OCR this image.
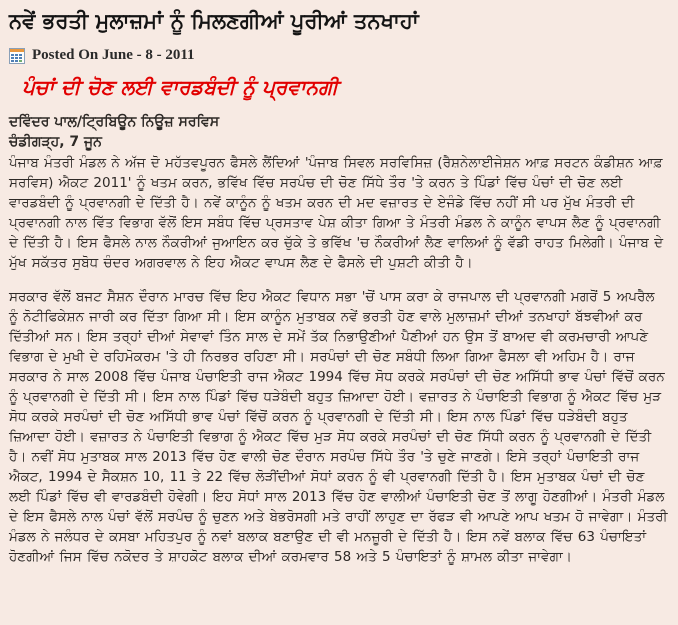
ਨਵੇਂ ਭਰਤੀ ਮੁਲਾਜ਼ਮਾਂ ਨੂੰ ਮਿਲਣਗੀਆਂ ਪੂਰੀਆਂ ਤਨਖਾਹਾਂ
Posted On June - 8 - 2011
ਪੰਚਾਂ ਦੀ ਚੋਣ ਲਈ ਵਾਰਡਬੰਦੀ ਨੂੰ ਪ੍ਰਵਾਨਗੀ
ਦਵਿੰਦਰ ਪਾਲ/ਟ੍ਰਿਬਿਊਨ ਨਿਊਜ਼ ਸਰਵਿਸ
ਚੰਡੀਗੜ੍ਹ, 7 ਜੂਨ

ਪੰਜਾਬ ਮੰਤਰੀ ਮੰਡਲ ਨੇ ਅੱਜ ਦੋ ਮਹੱਤਵਪੂਰਨ ਫੈਸਲੇ ਲੈਂਦਿਆਂ 'ਪੰਜਾਬ ਸਿਵਲ ਸਰਵਿਸਿਜ਼ (ਰੈਸ਼ਨੇਲਾਈਜੇਸ਼ਨ ਆਫ਼ ਸਰਟਨ ਕੰਡੀਸ਼ਨ ਆਫ਼ ਸਰਵਿਸ) ਐਕਟ 2011' ਨੂੰ ਖਤਮ ਕਰਨ, ਭਵਿੱਖ ਵਿੱਚ ਸਰਪੰਚ ਦੀ ਚੋਣ ਸਿੱਧੇ ਤੌਰ 'ਤੇ ਕਰਨ ਤੇ ਪਿੰਡਾਂ ਵਿੱਚ ਪੰਚਾਂ ਦੀ ਚੋਣ ਲਈ ਵਾਰਡਬੰਦੀ ਨੂੰ ਪ੍ਰਵਾਨਗੀ ਦੇ ਦਿੱਤੀ ਹੈ। ਨਵੇਂ ਕਾਨੂੰਨ ਨੂੰ ਖਤਮ ਕਰਨ ਦੀ ਮਦ ਵਜ਼ਾਰਤ ਦੇ ਏਜੰਡੇ ਵਿੱਚ ਨਹੀਂ ਸੀ ਪਰ ਮੁੱਖ ਮੰਤਰੀ ਦੀ ਪ੍ਰਵਾਨਗੀ ਨਾਲ ਵਿੱਤ ਵਿਭਾਗ ਵੱਲੋਂ ਇਸ ਸਬੰਧ ਵਿੱਚ ਪ੍ਰਸਤਾਵ ਪੇਸ਼ ਕੀਤਾ ਗਿਆ ਤੇ ਮੰਤਰੀ ਮੰਡਲ ਨੇ ਕਾਨੂੰਨ ਵਾਪਸ ਲੈਣ ਨੂੰ ਪ੍ਰਵਾਨਗੀ ਦੇ ਦਿੱਤੀ ਹੈ। ਇਸ ਫੈਸਲੇ ਨਾਲ ਨੌਕਰੀਆਂ ਜੁਆਇਨ ਕਰ ਚੁੱਕੇ ਤੇ ਭਵਿੱਖ 'ਚ ਨੌਕਰੀਆਂ ਲੈਣ ਵਾਲਿਆਂ ਨੂੰ ਵੱਡੀ ਰਾਹਤ ਮਿਲੇਗੀ। ਪੰਜਾਬ ਦੇ ਮੁੱਖ ਸਕੱਤਰ ਸੁਬੋਧ ਚੰਦਰ ਅਗਰਵਾਲ ਨੇ ਇਹ ਐਕਟ ਵਾਪਸ ਲੈਣ ਦੇ ਫੈਸਲੇ ਦੀ ਪੁਸ਼ਟੀ ਕੀਤੀ ਹੈ।

ਸਰਕਾਰ ਵੱਲੋਂ ਬਜਟ ਸੈਸ਼ਨ ਦੌਰਾਨ ਮਾਰਚ ਵਿੱਚ ਇਹ ਐਕਟ ਵਿਧਾਨ ਸਭਾ 'ਚੋਂ ਪਾਸ ਕਰਾ ਕੇ ਰਾਜਪਾਲ ਦੀ ਪ੍ਰਵਾਨਗੀ ਮਗਰੋਂ 5 ਅਪਰੈਲ ਨੂੰ ਨੋਟੀਫਿਕੇਸ਼ਨ ਜਾਰੀ ਕਰ ਦਿੱਤਾ ਗਿਆ ਸੀ। ਇਸ ਕਾਨੂੰਨ ਮੁਤਾਬਕ ਨਵੇਂ ਭਰਤੀ ਹੋਣ ਵਾਲੇ ਮੁਲਾਜ਼ਮਾਂ ਦੀਆਂ ਤਨਖਾਹਾਂ ਬੱਝਵੀਆਂ ਕਰ ਦਿੱਤੀਆਂ ਸਨ। ਇਸ ਤਰ੍ਹਾਂ ਦੀਆਂ ਸੇਵਾਵਾਂ ਤਿੰਨ ਸਾਲ ਦੇ ਸਮੇਂ ਤੱਕ ਨਿਭਾਉਣੀਆਂ ਪੈਣੀਆਂ ਹਨ ਉਸ ਤੋਂ ਬਾਅਦ ਵੀ ਕਰਮਚਾਰੀ ਆਪਣੇ ਵਿਭਾਗ ਦੇ ਮੁਖੀ ਦੇ ਰਹਿਮੋਕਰਮ 'ਤੇ ਹੀ ਨਿਰਭਰ ਰਹਿਣਾ ਸੀ। ਸਰਪੰਚਾਂ ਦੀ ਚੋਣ ਸਬੰਧੀ ਲਿਆ ਗਿਆ ਫੈਸਲਾ ਵੀ ਅਹਿਮ ਹੈ। ਰਾਜ ਸਰਕਾਰ ਨੇ ਸਾਲ 2008 ਵਿੱਚ ਪੰਜਾਬ ਪੰਚਾਇਤੀ ਰਾਜ ਐਕਟ 1994 ਵਿੱਚ ਸੋਧ ਕਰਕੇ ਸਰਪੰਚਾਂ ਦੀ ਚੋਣ ਅਸਿੱਧੀ ਭਾਵ ਪੰਚਾਂ ਵਿੱਚੋਂ ਕਰਨ ਨੂੰ ਪ੍ਰਵਾਨਗੀ ਦੇ ਦਿੱਤੀ ਸੀ। ਇਸ ਨਾਲ ਪਿੰਡਾਂ ਵਿੱਚ ਧੜੇਬੰਦੀ ਬਹੁਤ ਜ਼ਿਆਦਾ ਹੋਈ। ਵਜ਼ਾਰਤ ਨੇ ਪੰਚਾਇਤੀ ਵਿਭਾਗ ਨੂੰ ਐਕਟ ਵਿੱਚ ਮੁੜ ਸੋਧ ਕਰਕੇ ਸਰਪੰਚਾਂ ਦੀ ਚੋਣ ਅਸਿੱਧੀ ਭਾਵ ਪੰਚਾਂ ਵਿੱਚੋਂ ਕਰਨ ਨੂੰ ਪ੍ਰਵਾਨਗੀ ਦੇ ਦਿੱਤੀ ਸੀ। ਇਸ ਨਾਲ ਪਿੰਡਾਂ ਵਿੱਚ ਧੜੇਬੰਦੀ ਬਹੁਤ ਜ਼ਿਆਦਾ ਹੋਈ। ਵਜ਼ਾਰਤ ਨੇ ਪੰਚਾਇਤੀ ਵਿਭਾਗ ਨੂੰ ਐਕਟ ਵਿੱਚ ਮੁੜ ਸੋਧ ਕਰਕੇ ਸਰਪੰਚਾਂ ਦੀ ਚੋਣ ਸਿੱਧੀ ਕਰਨ ਨੂੰ ਪ੍ਰਵਾਨਗੀ ਦੇ ਦਿੱਤੀ ਹੈ। ਨਵੀਂ ਸੋਧ ਮੁਤਾਬਕ ਸਾਲ 2013 ਵਿੱਚ ਹੋਣ ਵਾਲੀ ਚੋਣ ਦੌਰਾਨ ਸਰਪੰਚ ਸਿੱਧੇ ਤੌਰ 'ਤੇ ਚੁਣੇ ਜਾਣਗੇ। ਇਸੇ ਤਰ੍ਹਾਂ ਪੰਚਾਇਤੀ ਰਾਜ ਐਕਟ, 1994 ਦੇ ਸੈਕਸ਼ਨ 10, 11 ਤੇ 22 ਵਿੱਚ ਲੋੜੀਂਦੀਆਂ ਸੋਧਾਂ ਕਰਨ ਨੂੰ ਵੀ ਪ੍ਰਵਾਨਗੀ ਦਿੱਤੀ ਹੈ। ਇਸ ਮੁਤਾਬਕ ਪੰਚਾਂ ਦੀ ਚੋਣ ਲਈ ਪਿੰਡਾਂ ਵਿੱਚ ਵੀ ਵਾਰਡਬੰਦੀ ਹੋਵੇਗੀ। ਇਹ ਸੋਧਾਂ ਸਾਲ 2013 ਵਿੱਚ ਹੋਣ ਵਾਲੀਆਂ ਪੰਚਾਇਤੀ ਚੋਣ ਤੋਂ ਲਾਗੂ ਹੋਣਗੀਆਂ। ਮੰਤਰੀ ਮੰਡਲ ਦੇ ਇਸ ਫੈਸਲੇ ਨਾਲ ਪੰਚਾਂ ਵੱਲੋਂ ਸਰਪੰਚ ਨੂੰ ਚੁਣਨ ਅਤੇ ਬੇਭਰੋਸਗੀ ਮਤੇ ਰਾਹੀਂ ਲਾਹੁਣ ਦਾ ਰੱਫੜ ਵੀ ਆਪਣੇ ਆਪ ਖਤਮ ਹੋ ਜਾਵੇਗਾ। ਮੰਤਰੀ ਮੰਡਲ ਨੇ ਜਲੰਧਰ ਦੇ ਕਸਬਾ ਮਹਿਤਪੁਰ ਨੂੰ ਨਵਾਂ ਬਲਾਕ ਬਣਾਉਣ ਦੀ ਵੀ ਮਨਜ਼ੂਰੀ ਦੇ ਦਿੱਤੀ ਹੈ। ਇਸ ਨਵੇਂ ਬਲਾਕ ਵਿੱਚ 63 ਪੰਚਾਇਤਾਂ ਹੋਣਗੀਆਂ ਜਿਸ ਵਿੱਚ ਨਕੋਦਰ ਤੇ ਸ਼ਾਹਕੋਟ ਬਲਾਕ ਦੀਆਂ ਕਰਮਵਾਰ 58 ਅਤੇ 5 ਪੰਚਾਇਤਾਂ ਨੂੰ ਸ਼ਾਮਲ ਕੀਤਾ ਜਾਵੇਗਾ।
